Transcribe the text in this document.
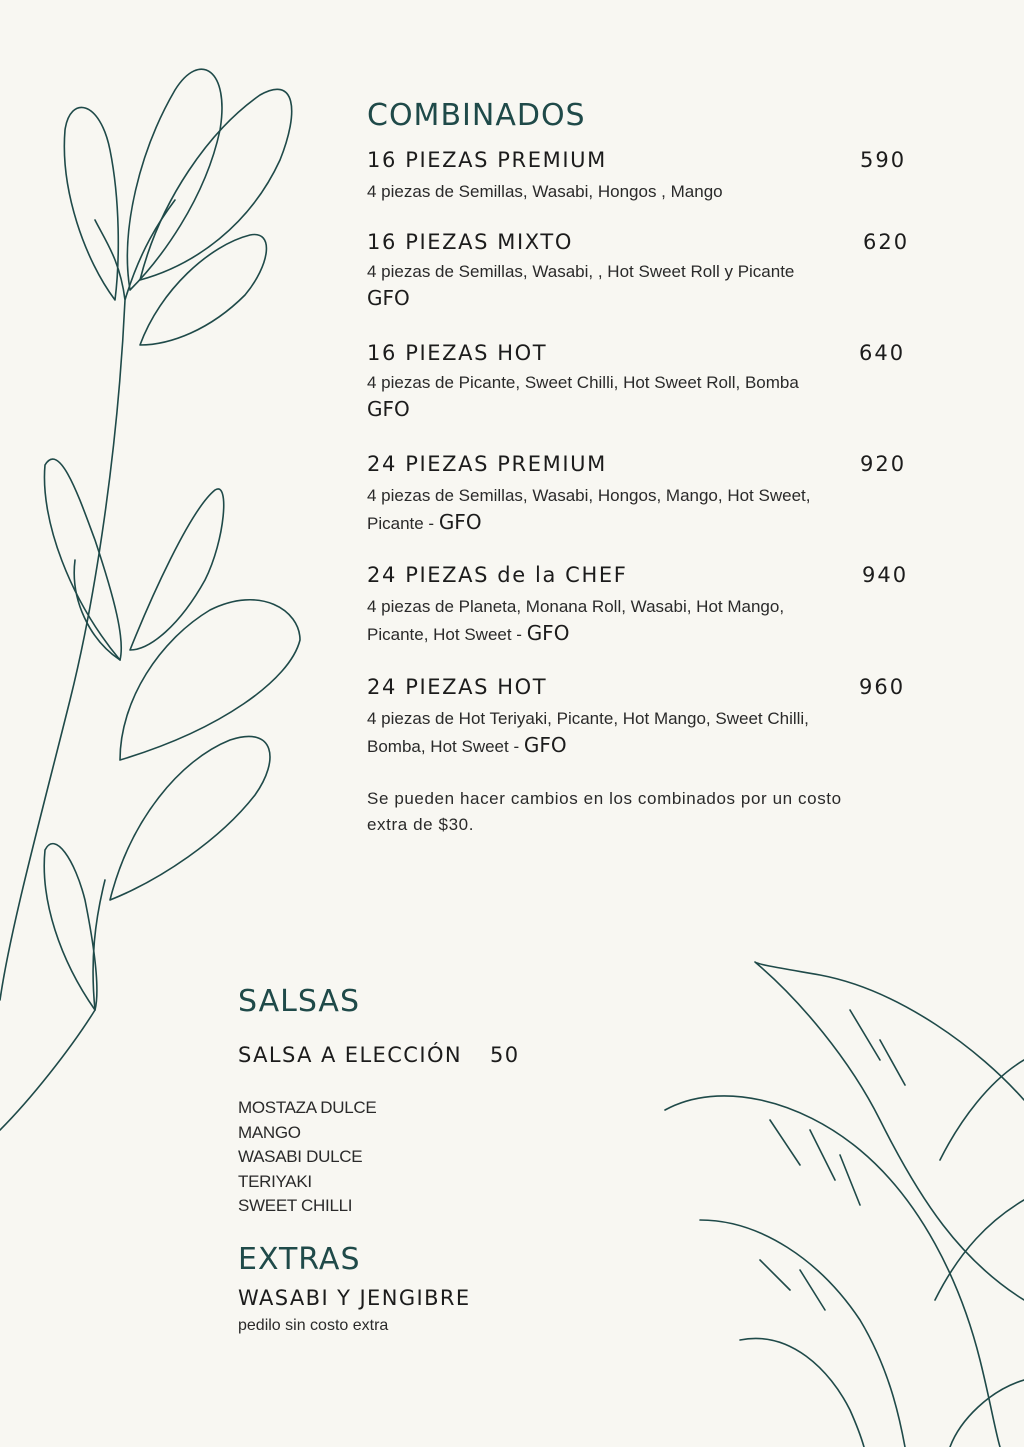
COMBINADOS
16 PIEZAS PREMIUM	590
4 piezas de Semillas, Wasabi, Hongos , Mango
16 PIEZAS MIXTO	620
4 piezas de Semillas, Wasabi, , Hot Sweet Roll y Picante
GFO
16 PIEZAS HOT	640
4 piezas de Picante, Sweet Chilli, Hot Sweet Roll, Bomba
GFO
24 PIEZAS PREMIUM	920
4 piezas de Semillas, Wasabi, Hongos, Mango, Hot Sweet,
Picante - GFO
24 PIEZAS de la CHEF	940
4 piezas de Planeta, Monana Roll, Wasabi, Hot Mango,
Picante, Hot Sweet - GFO
24 PIEZAS HOT	960
4 piezas de Hot Teriyaki, Picante, Hot Mango, Sweet Chilli,
Bomba, Hot Sweet - GFO
Se pueden hacer cambios en los combinados por un costo extra de $30.
SALSAS
SALSA A ELECCIÓN 50
MOSTAZA DULCE
MANGO
WASABI DULCE
TERIYAKI
SWEET CHILLI
EXTRAS
WASABI Y JENGIBRE
pedilo sin costo extra
